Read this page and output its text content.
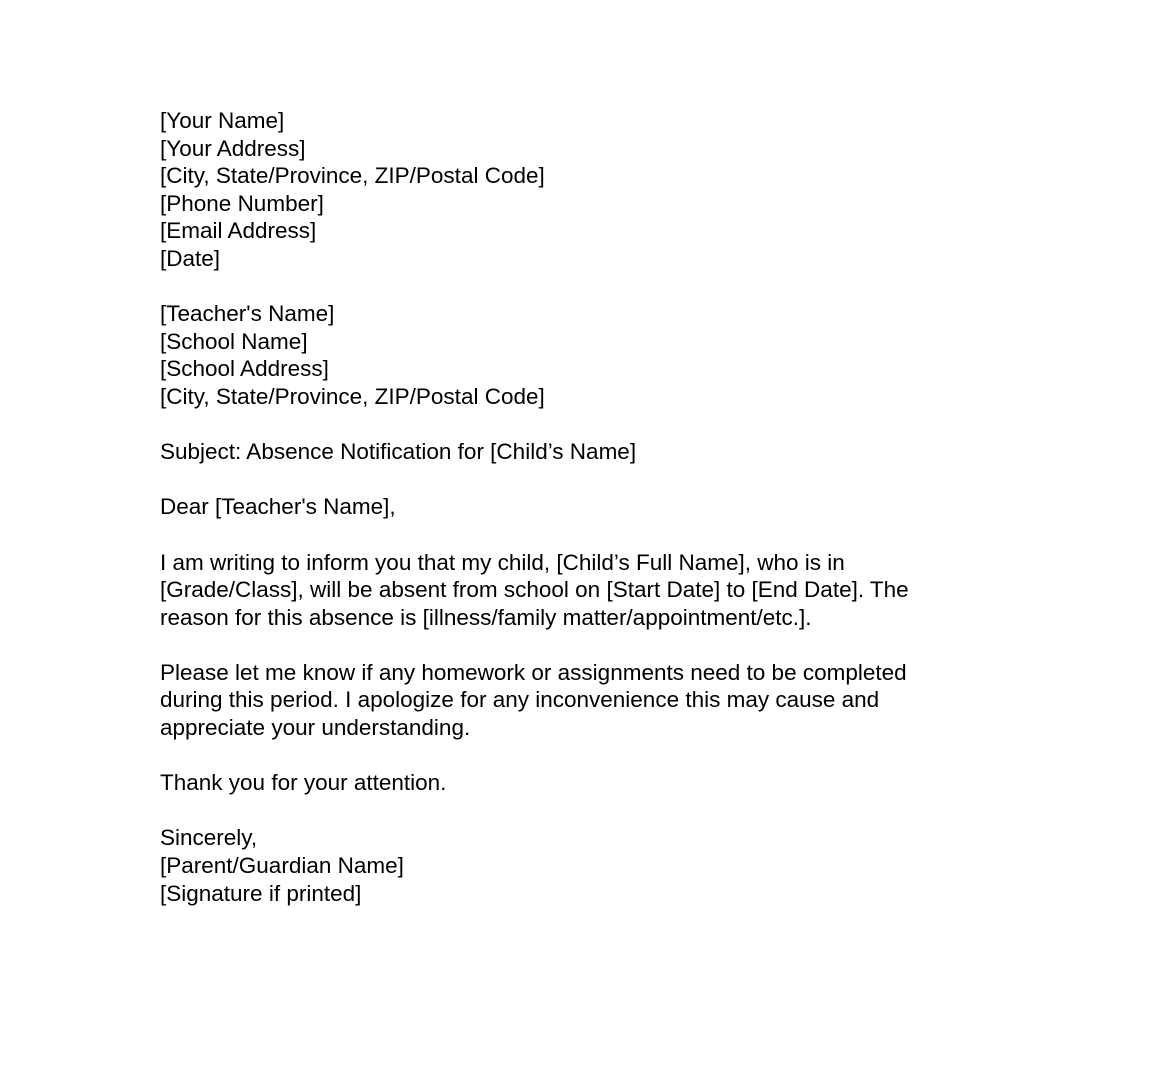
[Your Name]
[Your Address]
[City, State/Province, ZIP/Postal Code]
[Phone Number]
[Email Address]
[Date]
[Teacher's Name]
[School Name]
[School Address]
[City, State/Province, ZIP/Postal Code]
Subject: Absence Notification for [Child’s Name]
Dear [Teacher's Name],
I am writing to inform you that my child, [Child’s Full Name], who is in
[Grade/Class], will be absent from school on [Start Date] to [End Date]. The
reason for this absence is [illness/family matter/appointment/etc.].
Please let me know if any homework or assignments need to be completed
during this period. I apologize for any inconvenience this may cause and
appreciate your understanding.
Thank you for your attention.
Sincerely,
[Parent/Guardian Name]
[Signature if printed]
